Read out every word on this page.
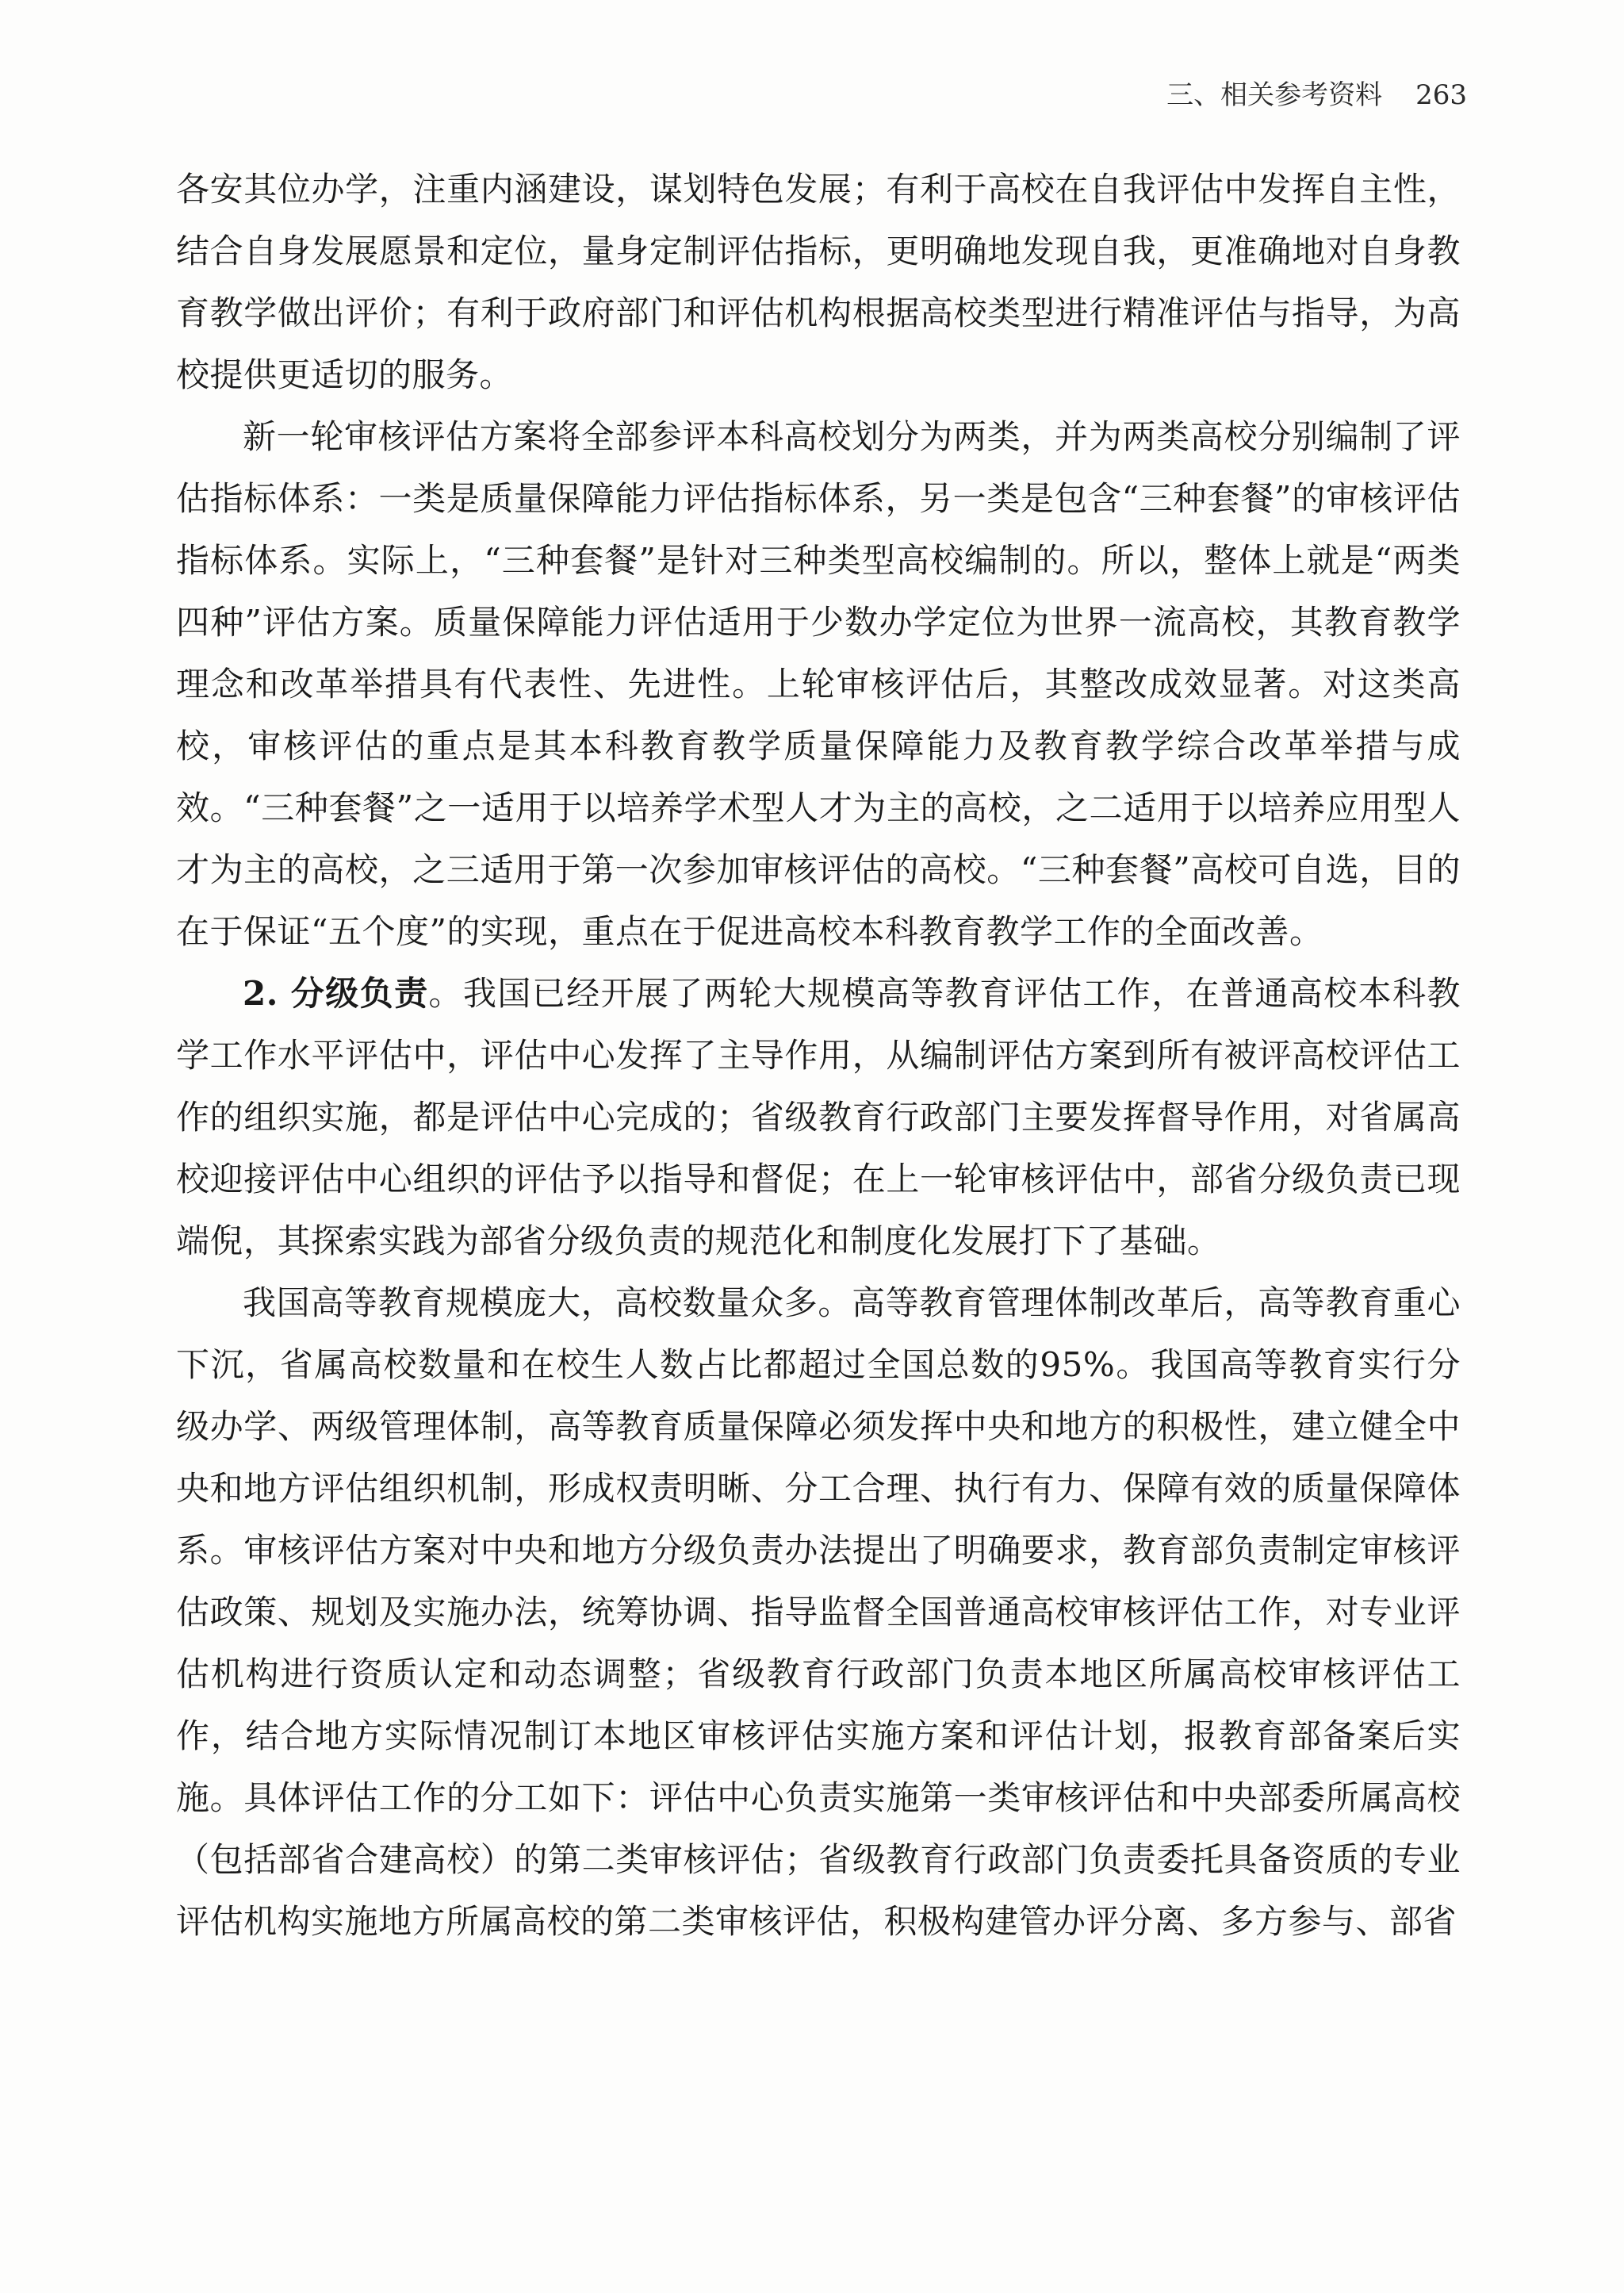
三、相关参考资料 263

各安其位办学，注重内涵建设，谋划特色发展；有利于高校在自我评估中发挥自主性，结合自身发展愿景和定位，量身定制评估指标，更明确地发现自我，更准确地对自身教育教学做出评价；有利于政府部门和评估机构根据高校类型进行精准评估与指导，为高校提供更适切的服务。

新一轮审核评估方案将全部参评本科高校划分为两类，并为两类高校分别编制了评估指标体系：一类是质量保障能力评估指标体系，另一类是包含“三种套餐”的审核评估指标体系。实际上，“三种套餐”是针对三种类型高校编制的。所以，整体上就是“两类四种”评估方案。质量保障能力评估适用于少数办学定位为世界一流高校，其教育教学理念和改革举措具有代表性、先进性。上轮审核评估后，其整改成效显著。对这类高校，审核评估的重点是其本科教育教学质量保障能力及教育教学综合改革举措与成效。“三种套餐”之一适用于以培养学术型人才为主的高校，之二适用于以培养应用型人才为主的高校，之三适用于第一次参加审核评估的高校。“三种套餐”高校可自选，目的在于保证“五个度”的实现，重点在于促进高校本科教育教学工作的全面改善。

2. 分级负责。我国已经开展了两轮大规模高等教育评估工作，在普通高校本科教学工作水平评估中，评估中心发挥了主导作用，从编制评估方案到所有被评高校评估工作的组织实施，都是评估中心完成的；省级教育行政部门主要发挥督导作用，对省属高校迎接评估中心组织的评估予以指导和督促；在上一轮审核评估中，部省分级负责已现端倪，其探索实践为部省分级负责的规范化和制度化发展打下了基础。

我国高等教育规模庞大，高校数量众多。高等教育管理体制改革后，高等教育重心下沉，省属高校数量和在校生人数占比都超过全国总数的95%。我国高等教育实行分级办学、两级管理体制，高等教育质量保障必须发挥中央和地方的积极性，建立健全中央和地方评估组织机制，形成权责明晰、分工合理、执行有力、保障有效的质量保障体系。审核评估方案对中央和地方分级负责办法提出了明确要求，教育部负责制定审核评估政策、规划及实施办法，统筹协调、指导监督全国普通高校审核评估工作，对专业评估机构进行资质认定和动态调整；省级教育行政部门负责本地区所属高校审核评估工作，结合地方实际情况制订本地区审核评估实施方案和评估计划，报教育部备案后实施。具体评估工作的分工如下：评估中心负责实施第一类审核评估和中央部委所属高校（包括部省合建高校）的第二类审核评估；省级教育行政部门负责委托具备资质的专业评估机构实施地方所属高校的第二类审核评估，积极构建管办评分离、多方参与、部省
